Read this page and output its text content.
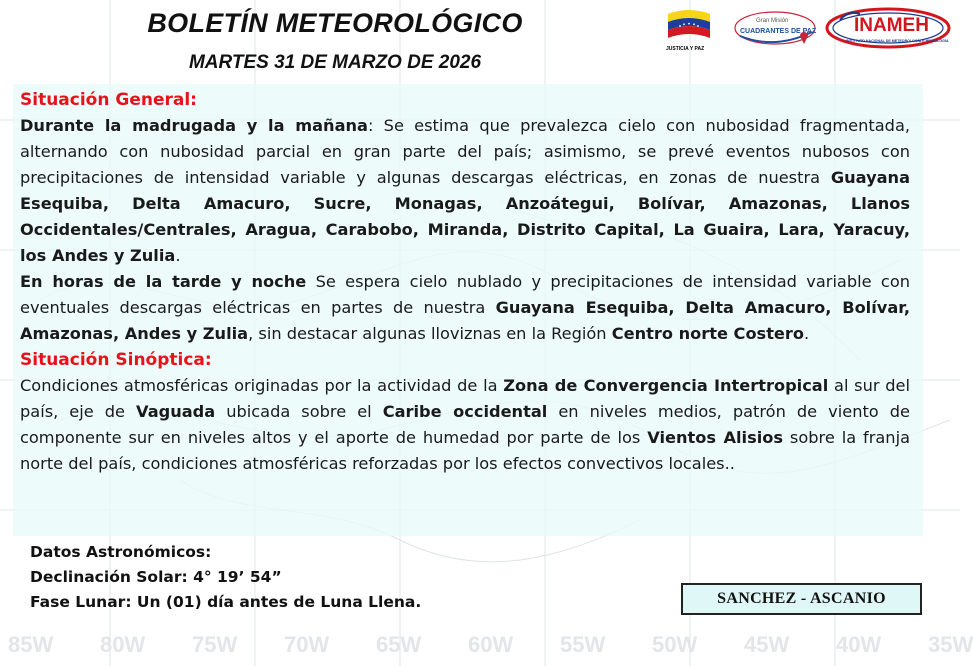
BOLETÍN METEOROLÓGICO
MARTES 31 DE MARZO DE 2026
JUSTICIA Y PAZ
Gran Misión
CUADRANTES DE PAZ INAMEH
INSTITUTO NACIONAL DE METEOROLOGÍA E HIDROLOGÍA

Situación General:

Durante la madrugada y la mañana: Se estima que prevalezca cielo con nubosidad fragmentada, alternando con nubosidad parcial en gran parte del país; asimismo, se prevé eventos nubosos con precipitaciones de intensidad variable y algunas descargas eléctricas, en zonas de nuestra Guayana Esequiba, Delta Amacuro, Sucre, Monagas, Anzoátegui, Bolívar, Amazonas, Llanos Occidentales/Centrales, Aragua, Carabobo, Miranda, Distrito Capital, La Guaira, Lara, Yaracuy, los Andes y Zulia.

En horas de la tarde y noche Se espera cielo nublado y precipitaciones de intensidad variable con eventuales descargas eléctricas en partes de nuestra Guayana Esequiba, Delta Amacuro, Bolívar, Amazonas, Andes y Zulia, sin destacar algunas lloviznas en la Región Centro norte Costero.

Situación Sinóptica:

Condiciones atmosféricas originadas por la actividad de la Zona de Convergencia Intertropical al sur del país, eje de Vaguada ubicada sobre el Caribe occidental en niveles medios, patrón de viento de componente sur en niveles altos y el aporte de humedad por parte de los Vientos Alisios sobre la franja norte del país, condiciones atmosféricas reforzadas por los efectos convectivos locales..

Datos Astronómicos:
Declinación Solar: 4° 19’ 54”
Fase Lunar: Un (01) día antes de Luna Llena.	SANCHEZ - ASCANIO
85W 80W 75W 70W 65W 60W 55W 50W 45W 40W 35W
